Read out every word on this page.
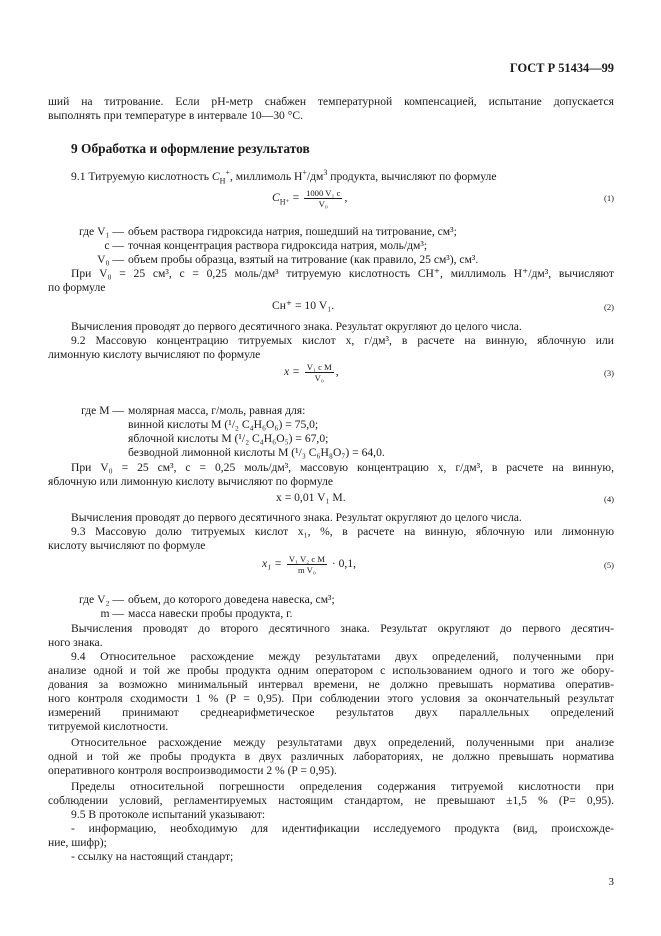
ГОСТ Р 51434—99
ший на титрование. Если pH-метр снабжен температурной компенсацией, испытание допускается
выполнять при температуре в интервале 10—30 °С.
9 Обработка и оформление результатов
9.1 Титруемую кислотность $C_H^+$, миллимоль $Н^+/дм^3$ продукта, вычисляют по формуле
$C_{H^+} = \frac{\text{1000 V₁ c}}{\text{V₀}}$ ,	(1)
где V₁ — объем раствора гидроксида натрия, пошедший на титрование, см³;
c — точная концентрация раствора гидроксида натрия, моль/дм³;
V₀ — объем пробы образца, взятый на титрование (как правило, 25 см³), см³.
При V₀ = 25 см³, c = 0,25 моль/дм³ титруемую кислотность CН⁺, миллимоль Н⁺/дм³, вычисляют
по формуле
Cн⁺ = 10 V₁.	(2)
Вычисления проводят до первого десятичного знака. Результат округляют до целого числа.
9.2 Массовую концентрацию титруемых кислот x, г/дм³, в расчете на винную, яблочную или
лимонную кислоту вычисляют по формуле
$x = \frac{\text{V₁ c M}}{\text{V₀}}$ ,	(3)
где M — молярная масса, г/моль, равная для:
винной кислоты M (¹/₂ C₄H₆O₆) = 75,0;
яблочной кислоты M (¹/₂ C₄H₆O₅) = 67,0;
безводной лимонной кислоты M (¹/₃ C₆H₈O₇) = 64,0.
При V₀ = 25 см³, c = 0,25 моль/дм³, массовую концентрацию x, г/дм³, в расчете на винную,
яблочную или лимонную кислоту вычисляют по формуле
x = 0,01 V₁ M.	(4)
Вычисления проводят до первого десятичного знака. Результат округляют до целого числа.
9.3 Массовую долю титруемых кислот x₁, %, в расчете на винную, яблочную или лимонную
кислоту вычисляют по формуле
$x_1 = \frac{\text{V₁ V₂ c M}}{\text{m V₀}} \cdot 0,1$,	(5)
где V₂ — объем, до которого доведена навеска, см³;
m — масса навески пробы продукта, г.
Вычисления проводят до второго десятичного знака. Результат округляют до первого десятич-
ного знака.
9.4 Относительное расхождение между результатами двух определений, полученными при
анализе одной и той же пробы продукта одним оператором с использованием одного и того же обору-
дования за возможно минимальный интервал времени, не должно превышать норматива оператив-
ного контроля сходимости 1 % (P = 0,95). При соблюдении этого условия за окончательный результат
измерений принимают среднеарифметическое результатов двух параллельных определений
титруемой кислотности.
Относительное расхождение между результатами двух определений, полученными при анализе
одной и той же пробы продукта в двух различных лабораториях, не должно превышать норматива
оперативного контроля воспроизводимости 2 % (P = 0,95).
Пределы относительной погрешности определения содержания титруемой кислотности при
соблюдении условий, регламентируемых настоящим стандартом, не превышают ±1,5 % (P= 0,95).
9.5 В протоколе испытаний указывают:
- информацию, необходимую для идентификации исследуемого продукта (вид, происхожде-
ние, шифр);
- ссылку на настоящий стандарт;
3
